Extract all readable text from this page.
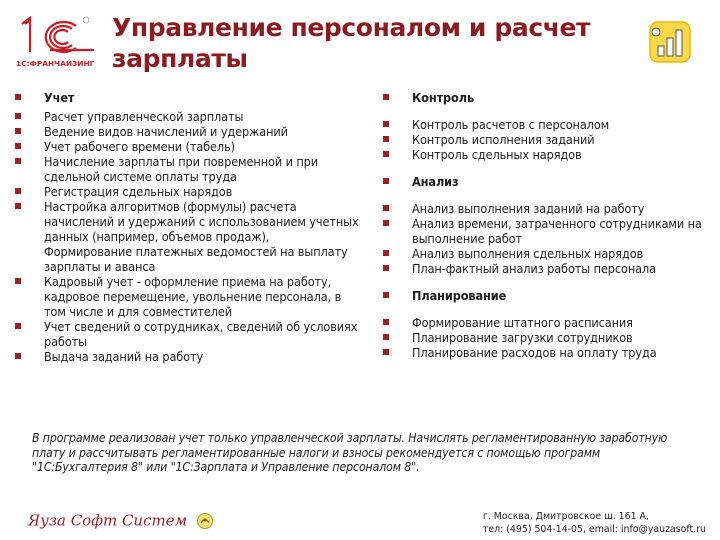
1С:ФРАНЧАЙЗИНГ
Управление персоналом и расчет зарплаты
Учет
Расчет управленческой зарплаты
Ведение видов начислений и удержаний
Учет рабочего времени (табель)
Начисление зарплаты при повременной и при сдельной системе оплаты труда
Регистрация сдельных нарядов
Настройка алгоритмов (формулы) расчета начислений и удержаний с использованием учетных данных (например, объемов продаж), Формирование платежных ведомостей на выплату зарплаты и аванса
Кадровый учет - оформление приема на работу, кадровое перемещение, увольнение персонала, в том числе и для совместителей
Учет сведений о сотрудниках, сведений об условиях работы
Выдача заданий на работу
Контроль
Контроль расчетов с персоналом
Контроль исполнения заданий
Контроль сдельных нарядов
Анализ
Анализ выполнения заданий на работу
Анализ времени, затраченного сотрудниками на выполнение работ
Анализ выполнения сдельных нарядов
План-фактный анализ работы персонала
Планирование
Формирование штатного расписания
Планирование загрузки сотрудников
Планирование расходов на оплату труда
В программе реализован учет только управленческой зарплаты. Начислять регламентированную заработную плату и рассчитывать регламентированные налоги и взносы рекомендуется с помощью программ "1С:Бухгалтерия 8" или "1С:Зарплата и Управление персоналом 8".
Яуза Софт Систем	г. Москва, Дмитровское ш. 161 А,
тел: (495) 504-14-05, email: info@yauzasoft.ru
